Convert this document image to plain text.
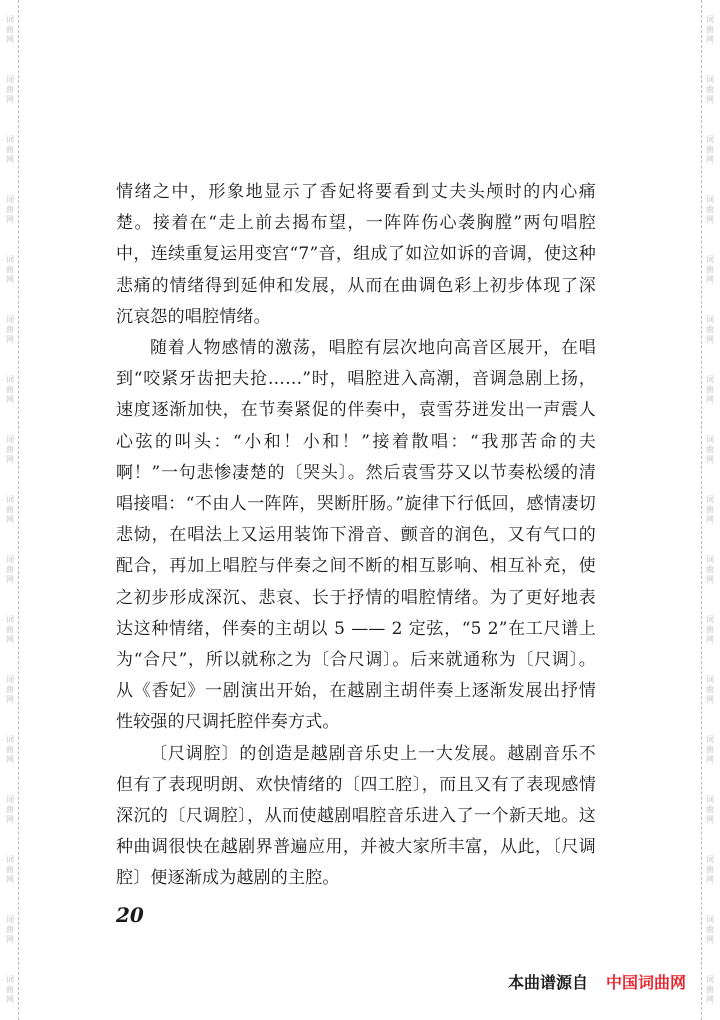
词
曲
网
词
曲
网
词
曲
网
词
曲
网
词
曲
网
词
曲
网
词
曲
网
词
曲
网
词
曲
网
词
曲
网
词
曲
网
词
曲
网
词
曲
网
词
曲
网
词
曲
网
词
曲
网
词
曲
网
词
曲
网
词
曲
网
词
曲
网
词
曲
网
词
曲
网
词
曲
网
词
曲
网
词
曲
网
词
曲
网
词
曲
网
词
曲
网
词
曲
网
词
曲
网
词
曲
网
词
曲
网
词
曲
网
词
曲
网

情绪之中，形象地显示了香妃将要看到丈夫头颅时的内心痛楚。接着在“走上前去揭布望，一阵阵伤心袭胸膛”两句唱腔中，连续重复运用变宫“7”音，组成了如泣如诉的音调，使这种悲痛的情绪得到延伸和发展，从而在曲调色彩上初步体现了深沉哀怨的唱腔情绪。

随着人物感情的激荡，唱腔有层次地向高音区展开，在唱到“咬紧牙齿把夫抢……”时，唱腔进入高潮，音调急剧上扬，速度逐渐加快，在节奏紧促的伴奏中，袁雪芬迸发出一声震人心弦的叫头：“小和！小和！”接着散唱：“我那苦命的夫啊！”一句悲惨凄楚的〔哭头〕。然后袁雪芬又以节奏松缓的清唱接唱：“不由人一阵阵，哭断肝肠。”旋律下行低回，感情凄切悲恸，在唱法上又运用装饰下滑音、颤音的润色，又有气口的配合，再加上唱腔与伴奏之间不断的相互影响、相互补充，使之初步形成深沉、悲哀、长于抒情的唱腔情绪。为了更好地表达这种情绪，伴奏的主胡以 5 —— 2 定弦，“5 2”在工尺谱上为“合尺”，所以就称之为〔合尺调〕。后来就通称为〔尺调〕。从《香妃》一剧演出开始，在越剧主胡伴奏上逐渐发展出抒情性较强的尺调托腔伴奏方式。

〔尺调腔〕的创造是越剧音乐史上一大发展。越剧音乐不但有了表现明朗、欢快情绪的〔四工腔〕，而且又有了表现感情深沉的〔尺调腔〕，从而使越剧唱腔音乐进入了一个新天地。这种曲调很快在越剧界普遍应用，并被大家所丰富，从此，〔尺调腔〕便逐渐成为越剧的主腔。

20
本曲谱源自 中国词曲网
